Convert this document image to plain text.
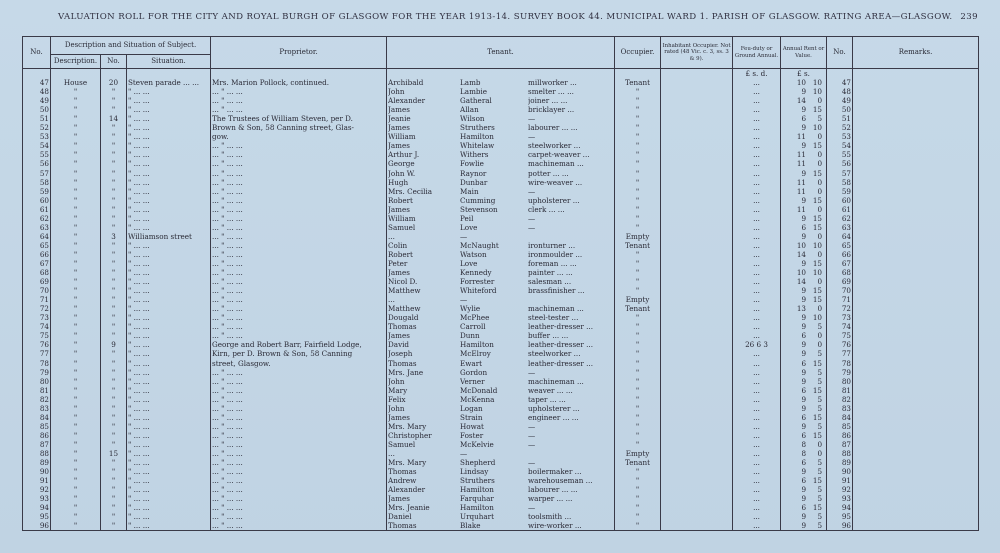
VALUATION ROLL FOR THE CITY AND ROYAL BURGH OF GLASGOW FOR THE YEAR 1913-14. SURVEY BOOK 44. MUNICIPAL WARD 1. PARISH OF GLASGOW. RATING AREA—GLASGOW. 239
No.	Description and Situation of Subject.			Proprietor.	Tenant.	Occupier.	Inhabitant Occupier. Not rated (48 Vic. c. 3, ss. 3 & 9).	Feu-duty or Ground Annual.	Annual Rent or Value.	No.	Remarks.
	Description.	No.	Situation.								
								£ s. d.	£ s.		
47	House	20	Steven parade ... ...	Mrs. Marion Pollock, continued.	Archibald Lamb millworker ...	Tenant		...	10 10	47	
48	"	"	" ... ...	... " ... ...	John Lambie smelter ... ...	"		...	9 10	48	
49	"	"	" ... ...	... " ... ...	Alexander Gatheral joiner ... ...	"		...	14 0	49	
50	"	"	" ... ...	... " ... ...	James Allan bricklayer ...	"		...	9 15	50	
51	"	14	" ... ...	The Trustees of William Steven, per D.	Jeanie Wilson —	"		...	6 5	51	
52	"	"	" ... ...	Brown & Son, 58 Canning street, Glas-	James Struthers labourer ... ...	"		...	9 10	52	
53	"	"	" ... ...	gow.	William Hamilton —	"		...	11 0	53	
54	"	"	" ... ...	... " ... ...	James Whitelaw steelworker ...	"		...	9 15	54	
55	"	"	" ... ...	... " ... ...	Arthur J. Withers carpet-weaver ...	"		...	11 0	55	
56	"	"	" ... ...	... " ... ...	George Fowlie machineman ...	"		...	11 0	56	
57	"	"	" ... ...	... " ... ...	John W. Raynor potter ... ...	"		...	9 15	57	
58	"	"	" ... ...	... " ... ...	Hugh Dunbar wire-weaver ...	"		...	11 0	58	
59	"	"	" ... ...	... " ... ...	Mrs. Cecilia Main —	"		...	11 0	59	
60	"	"	" ... ...	... " ... ...	Robert Cumming upholsterer ...	"		...	9 15	60	
61	"	"	" ... ...	... " ... ...	James Stevenson clerk ... ...	"		...	11 0	61	
62	"	"	" ... ...	... " ... ...	William Peil —	"		...	9 15	62	
63	"	"	" ... ...	... " ... ...	Samuel Love —	"		...	6 15	63	
64	"	3	Williamson street	... " ... ...	... —	Empty		...	9 0	64	
65	"	"	" ... ...	... " ... ...	Colin McNaught ironturner ...	Tenant		...	10 10	65	
66	"	"	" ... ...	... " ... ...	Robert Watson ironmoulder ...	"		...	14 0	66	
67	"	"	" ... ...	... " ... ...	Peter Love foreman ... ...	"		...	9 15	67	
68	"	"	" ... ...	... " ... ...	James Kennedy painter ... ...	"		...	10 10	68	
69	"	"	" ... ...	... " ... ...	Nicol D. Forrester salesman ...	"		...	14 0	69	
70	"	"	" ... ...	... " ... ...	Matthew Whiteford brassfinisher ...	"		...	9 15	70	
71	"	"	" ... ...	... " ... ...	... —	Empty		...	9 15	71	
72	"	"	" ... ...	... " ... ...	Matthew Wylie machineman ...	Tenant		...	13 0	72	
73	"	"	" ... ...	... " ... ...	Dougald McPhee steel-tester ...	"		...	9 10	73	
74	"	"	" ... ...	... " ... ...	Thomas Carroll leather-dresser ...	"		...	9 5	74	
75	"	"	" ... ...	... " ... ...	James Dunn buffer ... ...	"		...	6 0	75	
76	"	9	" ... ...	George and Robert Barr, Fairfield Lodge,	David Hamilton leather-dresser ...	"		26 6 3	9 0	76	
77	"	"	" ... ...	Kirn, per D. Brown & Son, 58 Canning	Joseph McElroy steelworker ...	"		...	9 5	77	
78	"	"	" ... ...	street, Glasgow.	Thomas Ewart leather-dresser ...	"		...	6 15	78	
79	"	"	" ... ...	... " ... ...	Mrs. Jane Gordon —	"		...	9 5	79	
80	"	"	" ... ...	... " ... ...	John Verner machineman ...	"		...	9 5	80	
81	"	"	" ... ...	... " ... ...	Mary McDonald weaver ... ...	"		...	6 15	81	
82	"	"	" ... ...	... " ... ...	Felix McKenna taper ... ...	"		...	9 5	82	
83	"	"	" ... ...	... " ... ...	John Logan upholsterer ...	"		...	9 5	83	
84	"	"	" ... ...	... " ... ...	James Strain engineer ... ...	"		...	6 15	84	
85	"	"	" ... ...	... " ... ...	Mrs. Mary Howat —	"		...	9 5	85	
86	"	"	" ... ...	... " ... ...	Christopher Foster —	"		...	6 15	86	
87	"	"	" ... ...	... " ... ...	Samuel McKelvie —	"		...	8 0	87	
88	"	15	" ... ...	... " ... ...	... —	Empty		...	8 0	88	
89	"	"	" ... ...	... " ... ...	Mrs. Mary Shepherd —	Tenant		...	6 5	89	
90	"	"	" ... ...	... " ... ...	Thomas Lindsay boilermaker ...	"		...	9 5	90	
91	"	"	" ... ...	... " ... ...	Andrew Struthers warehouseman ...	"		...	6 15	91	
92	"	"	" ... ...	... " ... ...	Alexander Hamilton labourer ... ...	"		...	9 5	92	
93	"	"	" ... ...	... " ... ...	James Farquhar warper ... ...	"		...	9 5	93	
94	"	"	" ... ...	... " ... ...	Mrs. Jeanie Hamilton —	"		...	6 15	94	
95	"	"	" ... ...	... " ... ...	Daniel Urquhart toolsmith ...	"		...	9 5	95	
96	"	"	" ... ...	... " ... ...	Thomas Blake wire-worker ...	"		...	9 5	96	
